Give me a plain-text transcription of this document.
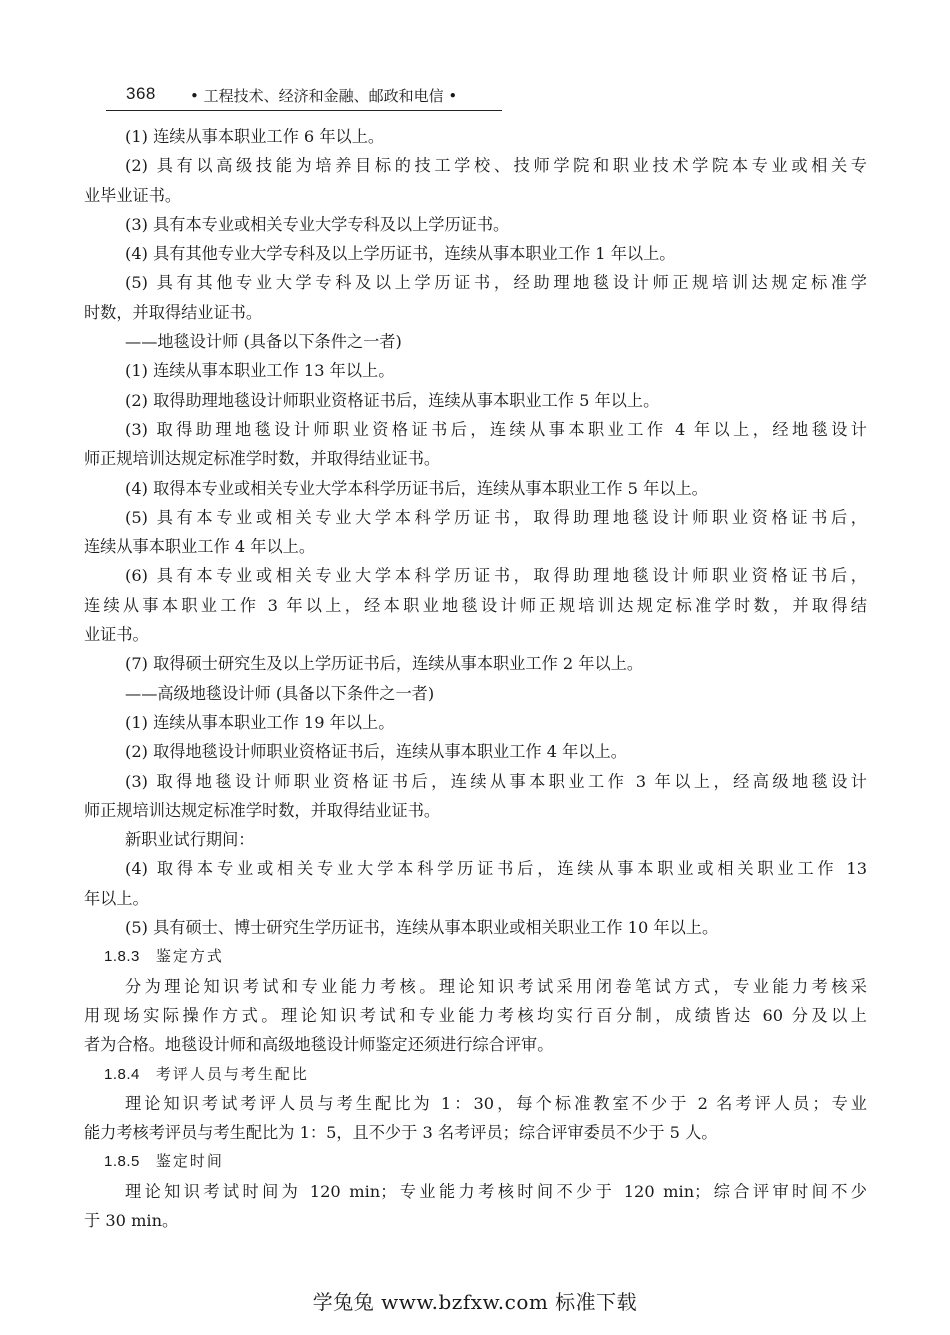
368 • 工程技术、经济和金融、邮政和电信 •
(1) 连续从事本职业工作 6 年以上。
(2) 具有以高级技能为培养目标的技工学校、技师学院和职业技术学院本专业或相关专
业毕业证书。
(3) 具有本专业或相关专业大学专科及以上学历证书。
(4) 具有其他专业大学专科及以上学历证书，连续从事本职业工作 1 年以上。
(5) 具有其他专业大学专科及以上学历证书，经助理地毯设计师正规培训达规定标准学
时数，并取得结业证书。
——地毯设计师 (具备以下条件之一者)
(1) 连续从事本职业工作 13 年以上。
(2) 取得助理地毯设计师职业资格证书后，连续从事本职业工作 5 年以上。
(3) 取得助理地毯设计师职业资格证书后，连续从事本职业工作 4 年以上，经地毯设计
师正规培训达规定标准学时数，并取得结业证书。
(4) 取得本专业或相关专业大学本科学历证书后，连续从事本职业工作 5 年以上。
(5) 具有本专业或相关专业大学本科学历证书，取得助理地毯设计师职业资格证书后，
连续从事本职业工作 4 年以上。
(6) 具有本专业或相关专业大学本科学历证书，取得助理地毯设计师职业资格证书后，
连续从事本职业工作 3 年以上，经本职业地毯设计师正规培训达规定标准学时数，并取得结
业证书。
(7) 取得硕士研究生及以上学历证书后，连续从事本职业工作 2 年以上。
——高级地毯设计师 (具备以下条件之一者)
(1) 连续从事本职业工作 19 年以上。
(2) 取得地毯设计师职业资格证书后，连续从事本职业工作 4 年以上。
(3) 取得地毯设计师职业资格证书后，连续从事本职业工作 3 年以上，经高级地毯设计
师正规培训达规定标准学时数，并取得结业证书。
新职业试行期间：
(4) 取得本专业或相关专业大学本科学历证书后，连续从事本职业或相关职业工作 13
年以上。
(5) 具有硕士、博士研究生学历证书，连续从事本职业或相关职业工作 10 年以上。
1.8.3 鉴定方式
分为理论知识考试和专业能力考核。理论知识考试采用闭卷笔试方式，专业能力考核采
用现场实际操作方式。理论知识考试和专业能力考核均实行百分制，成绩皆达 60 分及以上
者为合格。地毯设计师和高级地毯设计师鉴定还须进行综合评审。
1.8.4 考评人员与考生配比
理论知识考试考评人员与考生配比为 1：30，每个标准教室不少于 2 名考评人员；专业
能力考核考评员与考生配比为 1：5，且不少于 3 名考评员；综合评审委员不少于 5 人。
1.8.5 鉴定时间
理论知识考试时间为 120 min；专业能力考核时间不少于 120 min；综合评审时间不少
于 30 min。
学兔兔 www.bzfxw.com 标准下载
